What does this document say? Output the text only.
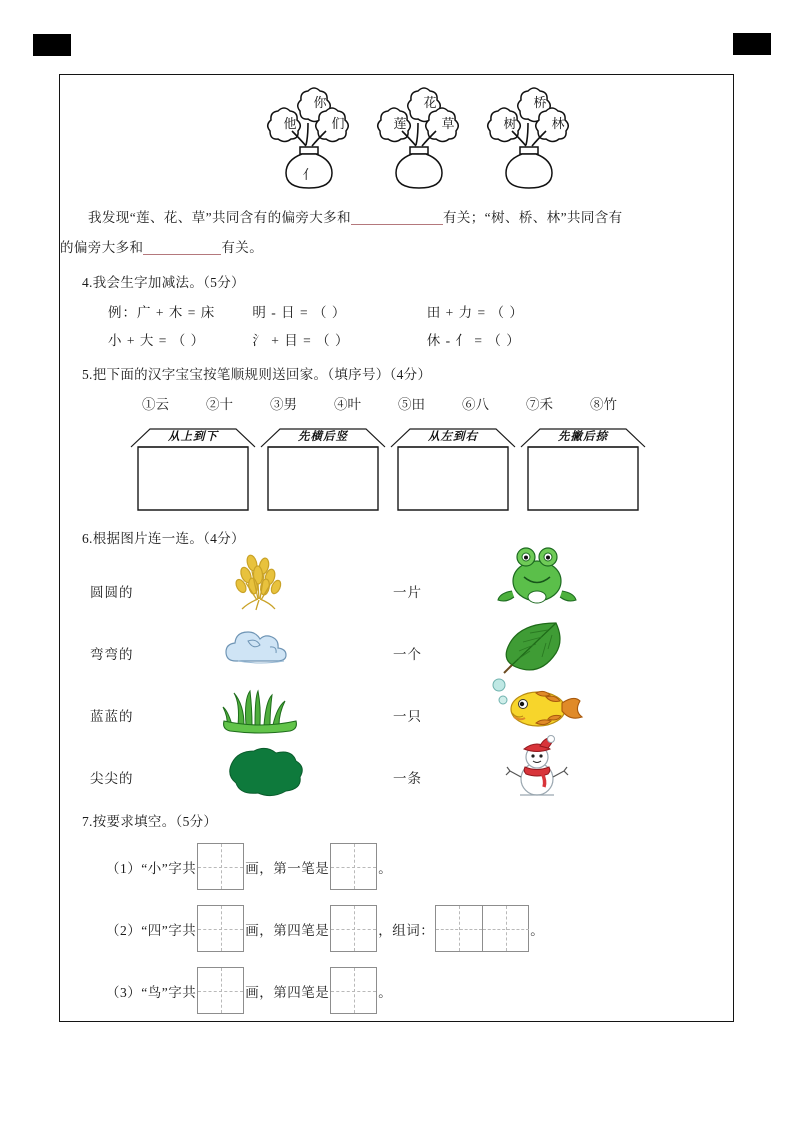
你
他	们
亻
花
莲	草
桥
树	林
我发现“莲、花、草”共同含有的偏旁大多和	有关；“树、桥、林”共同含有
的偏旁大多和	有关。
4.我会生字加减法。（5分）
例：广 + 木 = 床	明 - 日 = （ ）	田 + 力 = （ ）
小 + 大 = （ ）	氵 + 目 = （ ）	休 - 亻 = （ ）
5.把下面的汉字宝宝按笔顺规则送回家。（填序号）（4分）
①云	②十	③男	④叶	⑤田	⑥八	⑦禾	⑧竹
从上到下	先横后竖	从左到右	先撇后捺
6.根据图片连一连。（4分）
圆圆的	一片
弯弯的	一个
蓝蓝的	一只
尖尖的	一条
7.按要求填空。（5分）
（1）“小”字共	画，第一笔是	。
（2）“四”字共	画，第四笔是	，组词：	。
（3）“鸟”字共	画，第四笔是	。
